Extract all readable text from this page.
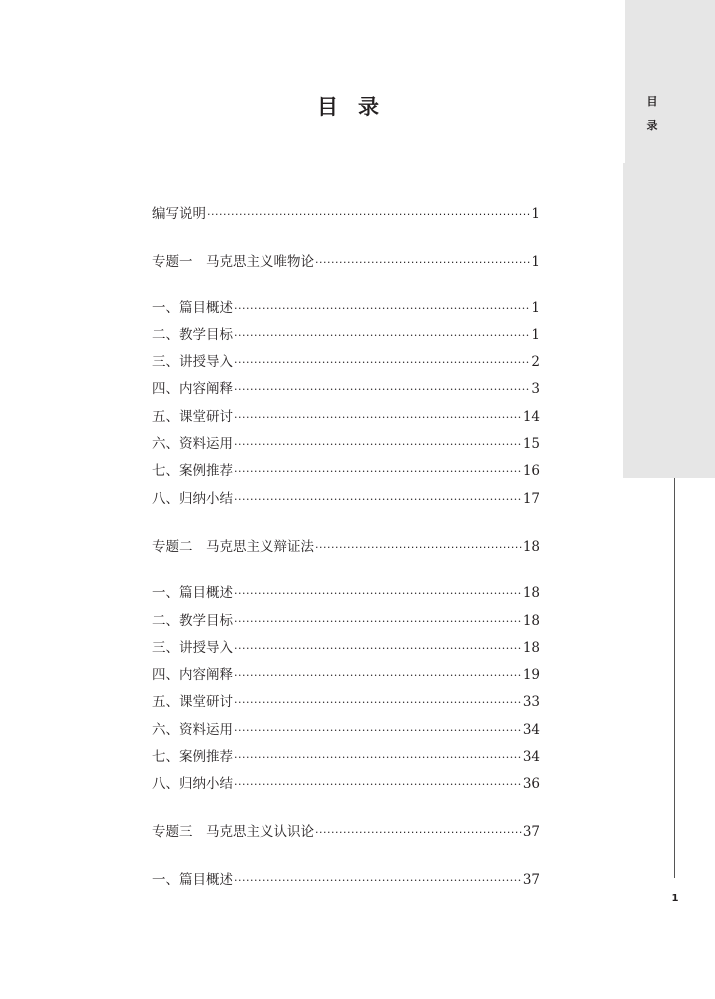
目
录
目录
编写说明 ·····	1
专题一　马克思主义唯物论 ·····	1
一、篇目概述 ·····	1
二、教学目标 ·····	1
三、讲授导入 ·····	2
四、内容阐释 ·····	3
五、课堂研讨 ·····	14
六、资料运用 ·····	15
七、案例推荐 ·····	16
八、归纳小结 ·····	17
专题二　马克思主义辩证法 ·····	18
一、篇目概述 ·····	18
二、教学目标 ·····	18
三、讲授导入 ·····	18
四、内容阐释 ·····	19
五、课堂研讨 ·····	33
六、资料运用 ·····	34
七、案例推荐 ·····	34
八、归纳小结 ·····	36
专题三　马克思主义认识论 ·····	37
一、篇目概述 ·····	37
1
